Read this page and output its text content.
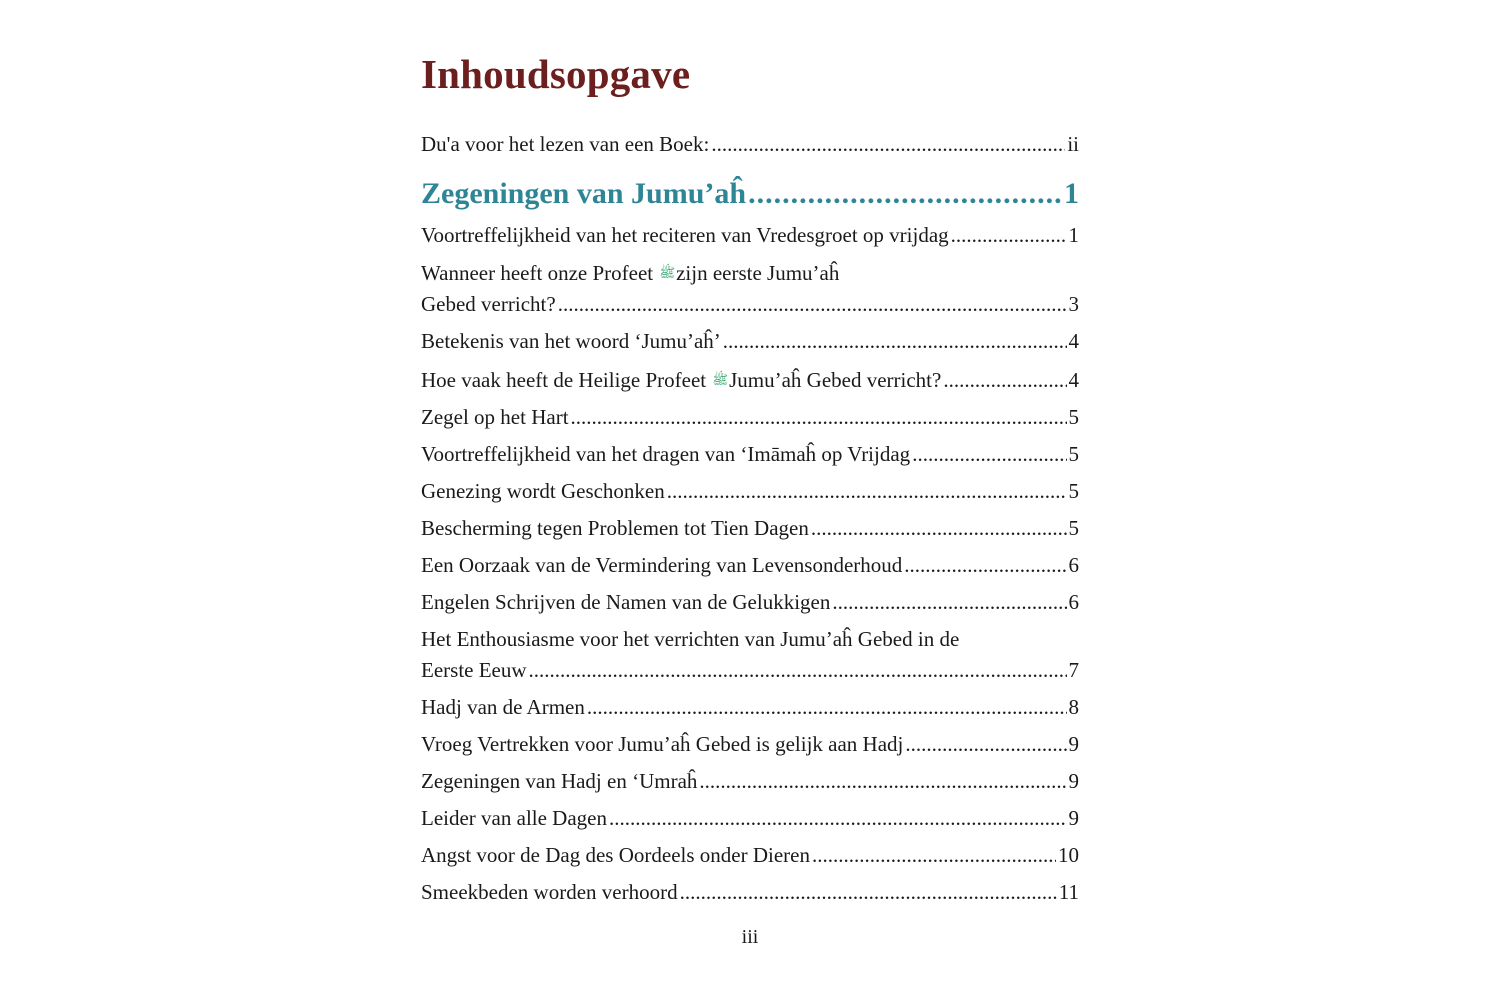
Inhoudsopgave
Du'a voor het lezen van een Boek: .....	ii
Zegeningen van Jumu’aĥ .....	1
Voortreffelijkheid van het reciteren van Vredesgroet op vrijdag .....	1
Wanneer heeft onze Profeet ﷺzijn eerste Jumu’aĥ
Gebed verricht? .....	3
Betekenis van het woord ‘Jumu’aĥ’ .....	4
Hoe vaak heeft de Heilige Profeet ﷺJumu’aĥ Gebed verricht? .....	4
Zegel op het Hart .....	5
Voortreffelijkheid van het dragen van ‘Imāmaĥ op Vrijdag .....	5
Genezing wordt Geschonken .....	5
Bescherming tegen Problemen tot Tien Dagen .....	5
Een Oorzaak van de Vermindering van Levensonderhoud .....	6
Engelen Schrijven de Namen van de Gelukkigen .....	6
Het Enthousiasme voor het verrichten van Jumu’aĥ Gebed in de
Eerste Eeuw .....	7
Hadj van de Armen .....	8
Vroeg Vertrekken voor Jumu’aĥ Gebed is gelijk aan Hadj .....	9
Zegeningen van Hadj en ‘Umraĥ .....	9
Leider van alle Dagen .....	9
Angst voor de Dag des Oordeels onder Dieren .....	10
Smeekbeden worden verhoord .....	11
iii
